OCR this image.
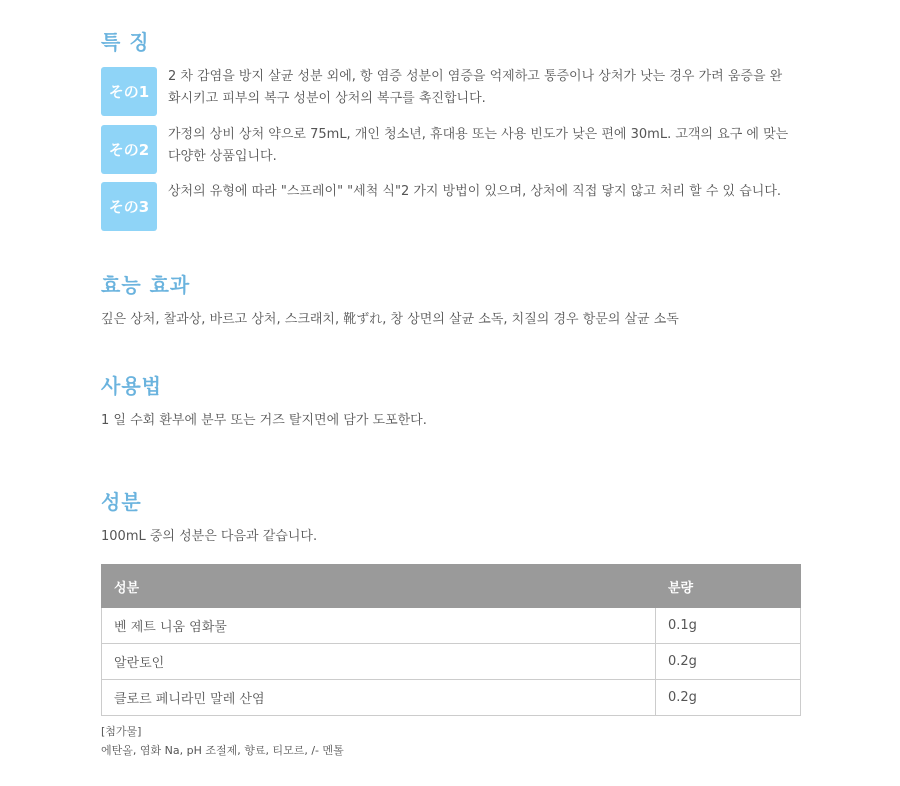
특 징
その1
2 차 감염을 방지 살균 성분 외에, 항 염증 성분이 염증을 억제하고 통증이나 상처가 낫는 경우 가려 움증을 완화시키고 피부의 복구 성분이 상처의 복구를 촉진합니다.
その2
가정의 상비 상처 약으로 75mL, 개인 청소년, 휴대용 또는 사용 빈도가 낮은 편에 30mL. 고객의 요구 에 맞는 다양한 상품입니다.
その3
상처의 유형에 따라 "스프레이" "세척 식"2 가지 방법이 있으며, 상처에 직접 닿지 않고 처리 할 수 있 습니다.
효능 효과
깊은 상처, 찰과상, 바르고 상처, 스크래치, 靴ずれ, 창 상면의 살균 소독, 치질의 경우 항문의 살균 소독
사용법
1 일 수회 환부에 분무 또는 거즈 탈지면에 담가 도포한다.
성분
100mL 중의 성분은 다음과 같습니다.
성분	분량
벤 제트 니움 염화물	0.1g
알란토인	0.2g
클로르 페니라민 말레 산염	0.2g
[첨가물]
에탄올, 염화 Na, pH 조절제, 향료, 티모르, /- 멘톨
